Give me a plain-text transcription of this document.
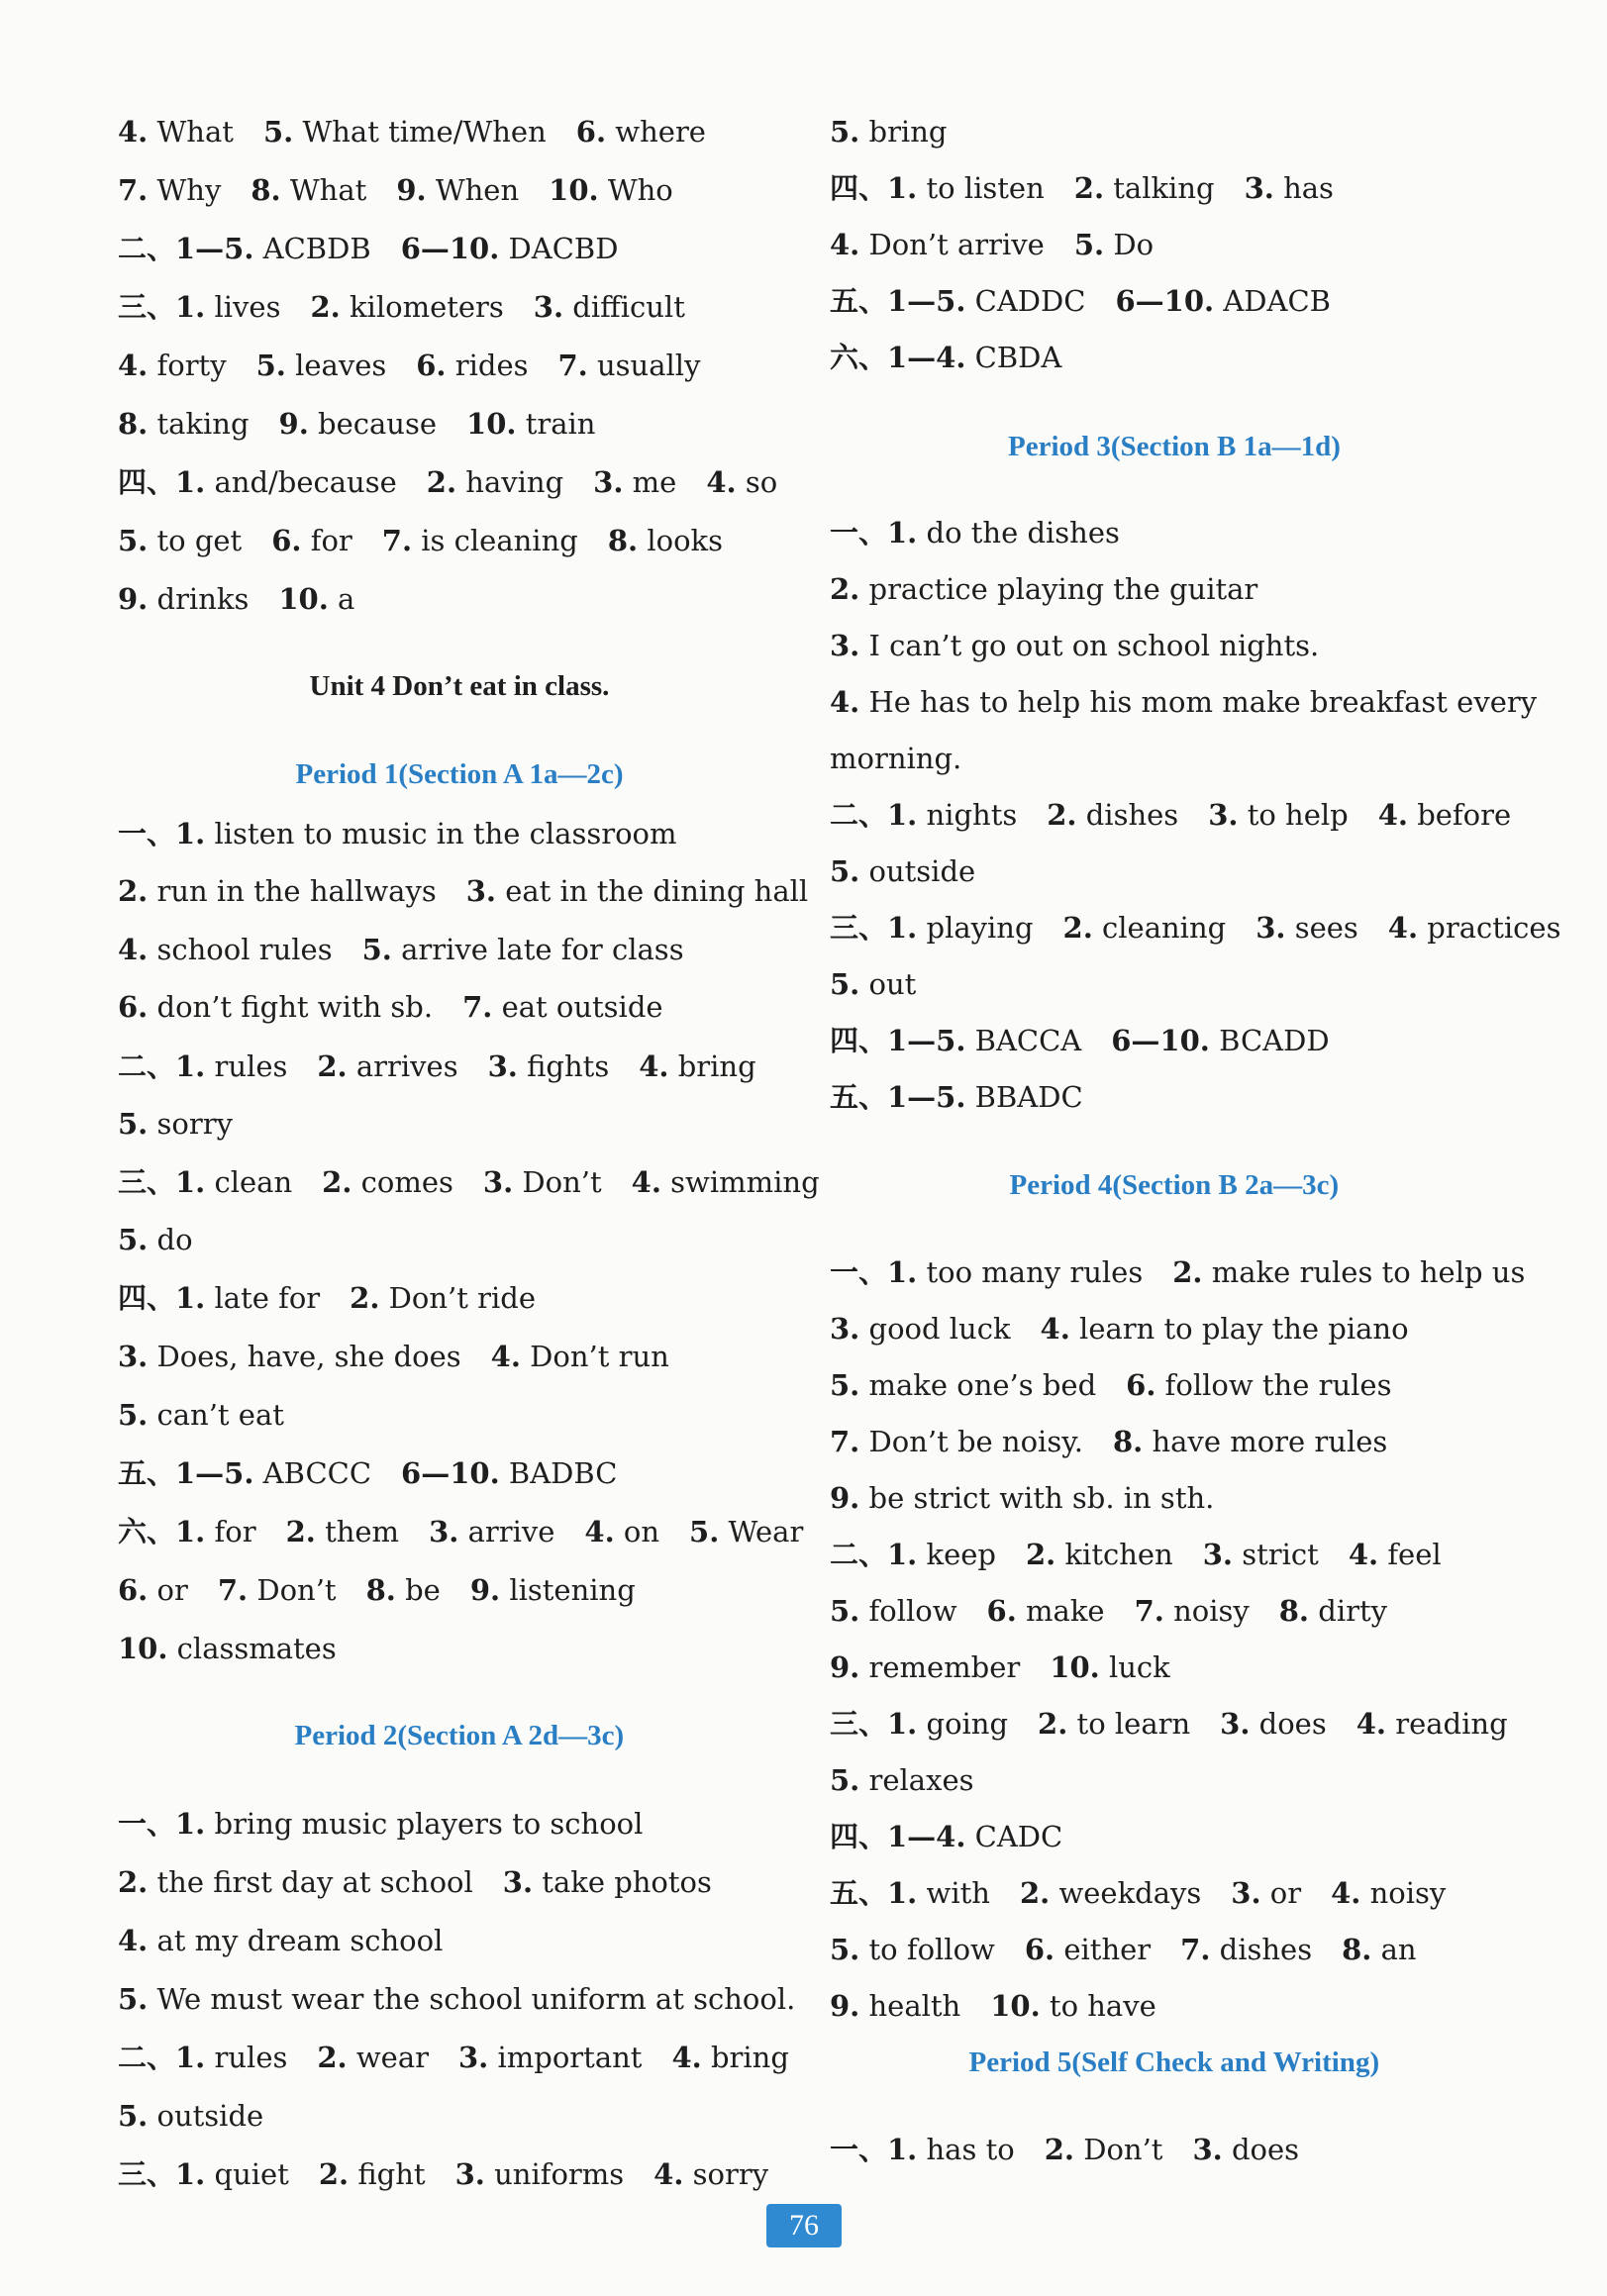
4. What 5. What time/When 6. where
7. Why 8. What 9. When 10. Who
二、1—5. ACBDB 6—10. DACBD
三、1. lives 2. kilometers 3. difficult
4. forty 5. leaves 6. rides 7. usually
8. taking 9. because 10. train
四、1. and/because 2. having 3. me 4. so
5. to get 6. for 7. is cleaning 8. looks
9. drinks 10. a
Unit 4 Don’t eat in class.
Period 1(Section A 1a—2c)
一、1. listen to music in the classroom
2. run in the hallways 3. eat in the dining hall
4. school rules 5. arrive late for class
6. don’t fight with sb. 7. eat outside
二、1. rules 2. arrives 3. fights 4. bring
5. sorry
三、1. clean 2. comes 3. Don’t 4. swimming
5. do
四、1. late for 2. Don’t ride
3. Does, have, she does 4. Don’t run
5. can’t eat
五、1—5. ABCCC 6—10. BADBC
六、1. for 2. them 3. arrive 4. on 5. Wear
6. or 7. Don’t 8. be 9. listening
10. classmates
Period 2(Section A 2d—3c)
一、1. bring music players to school
2. the first day at school 3. take photos
4. at my dream school
5. We must wear the school uniform at school.
二、1. rules 2. wear 3. important 4. bring
5. outside
三、1. quiet 2. fight 3. uniforms 4. sorry
5. bring
四、1. to listen 2. talking 3. has
4. Don’t arrive 5. Do
五、1—5. CADDC 6—10. ADACB
六、1—4. CBDA
Period 3(Section B 1a—1d)
一、1. do the dishes
2. practice playing the guitar
3. I can’t go out on school nights.
4. He has to help his mom make breakfast every
morning.
二、1. nights 2. dishes 3. to help 4. before
5. outside
三、1. playing 2. cleaning 3. sees 4. practices
5. out
四、1—5. BACCA 6—10. BCADD
五、1—5. BBADC
Period 4(Section B 2a—3c)
一、1. too many rules 2. make rules to help us
3. good luck 4. learn to play the piano
5. make one’s bed 6. follow the rules
7. Don’t be noisy. 8. have more rules
9. be strict with sb. in sth.
二、1. keep 2. kitchen 3. strict 4. feel
5. follow 6. make 7. noisy 8. dirty
9. remember 10. luck
三、1. going 2. to learn 3. does 4. reading
5. relaxes
四、1—4. CADC
五、1. with 2. weekdays 3. or 4. noisy
5. to follow 6. either 7. dishes 8. an
9. health 10. to have
Period 5(Self Check and Writing)
一、1. has to 2. Don’t 3. does
76
